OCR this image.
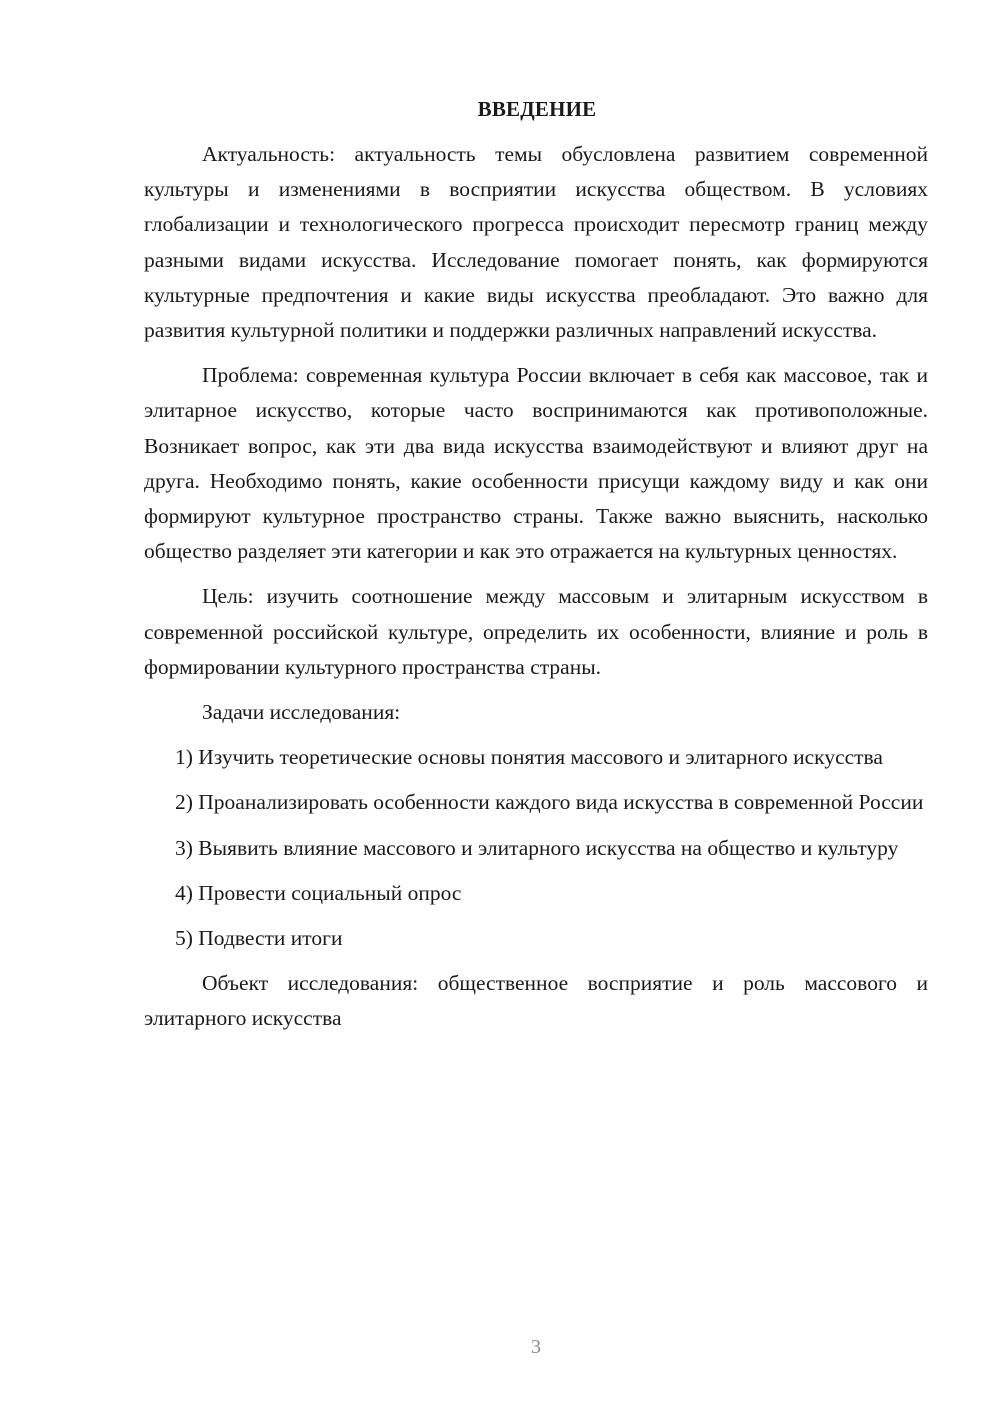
ВВЕДЕНИЕ

Актуальность: актуальность темы обусловлена развитием современной культуры и изменениями в восприятии искусства обществом. В условиях глобализации и технологического прогресса происходит пересмотр границ между разными видами искусства. Исследование помогает понять, как формируются культурные предпочтения и какие виды искусства преобладают. Это важно для развития культурной политики и поддержки различных направлений искусства.

Проблема: современная культура России включает в себя как массовое, так и элитарное искусство, которые часто воспринимаются как противоположные. Возникает вопрос, как эти два вида искусства взаимодействуют и влияют друг на друга. Необходимо понять, какие особенности присущи каждому виду и как они формируют культурное пространство страны. Также важно выяснить, насколько общество разделяет эти категории и как это отражается на культурных ценностях.

Цель: изучить соотношение между массовым и элитарным искусством в современной российской культуре, определить их особенности, влияние и роль в формировании культурного пространства страны.

Задачи исследования:

1) Изучить теоретические основы понятия массового и элитарного искусства

2) Проанализировать особенности каждого вида искусства в современной России

3) Выявить влияние массового и элитарного искусства на общество и культуру

4) Провести социальный опрос

5) Подвести итоги

Объект исследования: общественное восприятие и роль массового и элитарного искусства

3
